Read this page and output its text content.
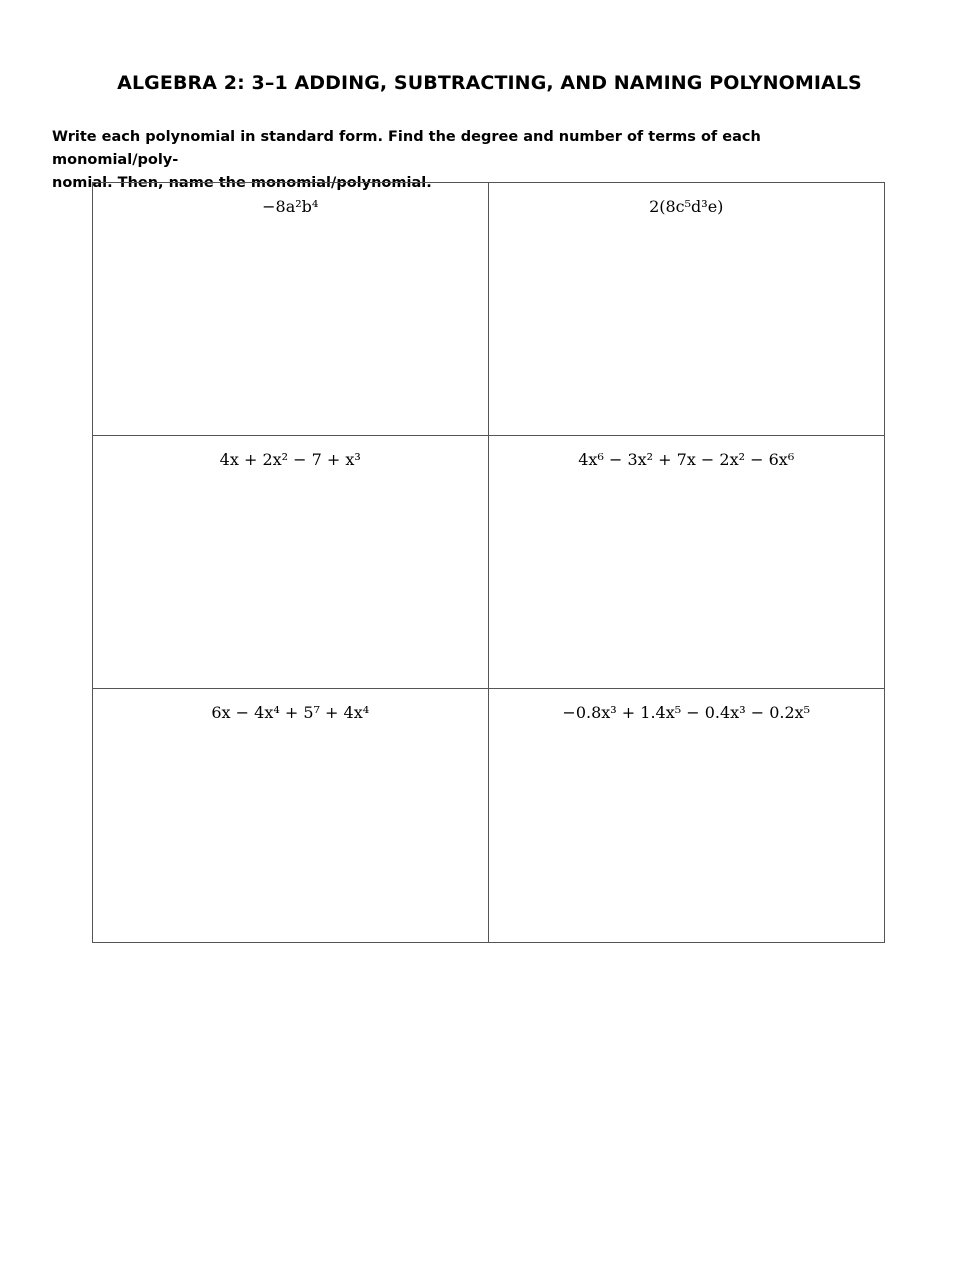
ALGEBRA 2: 3–1 ADDING, SUBTRACTING, AND NAMING POLYNOMIALS
Write each polynomial in standard form. Find the degree and number of terms of each monomial/poly-
nomial. Then, name the monomial/polynomial.
−8a²b⁴	2(8c⁵d³e)
4x + 2x² − 7 + x³	4x⁶ − 3x² + 7x − 2x² − 6x⁶
6x − 4x⁴ + 5⁷ + 4x⁴	−0.8x³ + 1.4x⁵ − 0.4x³ − 0.2x⁵
